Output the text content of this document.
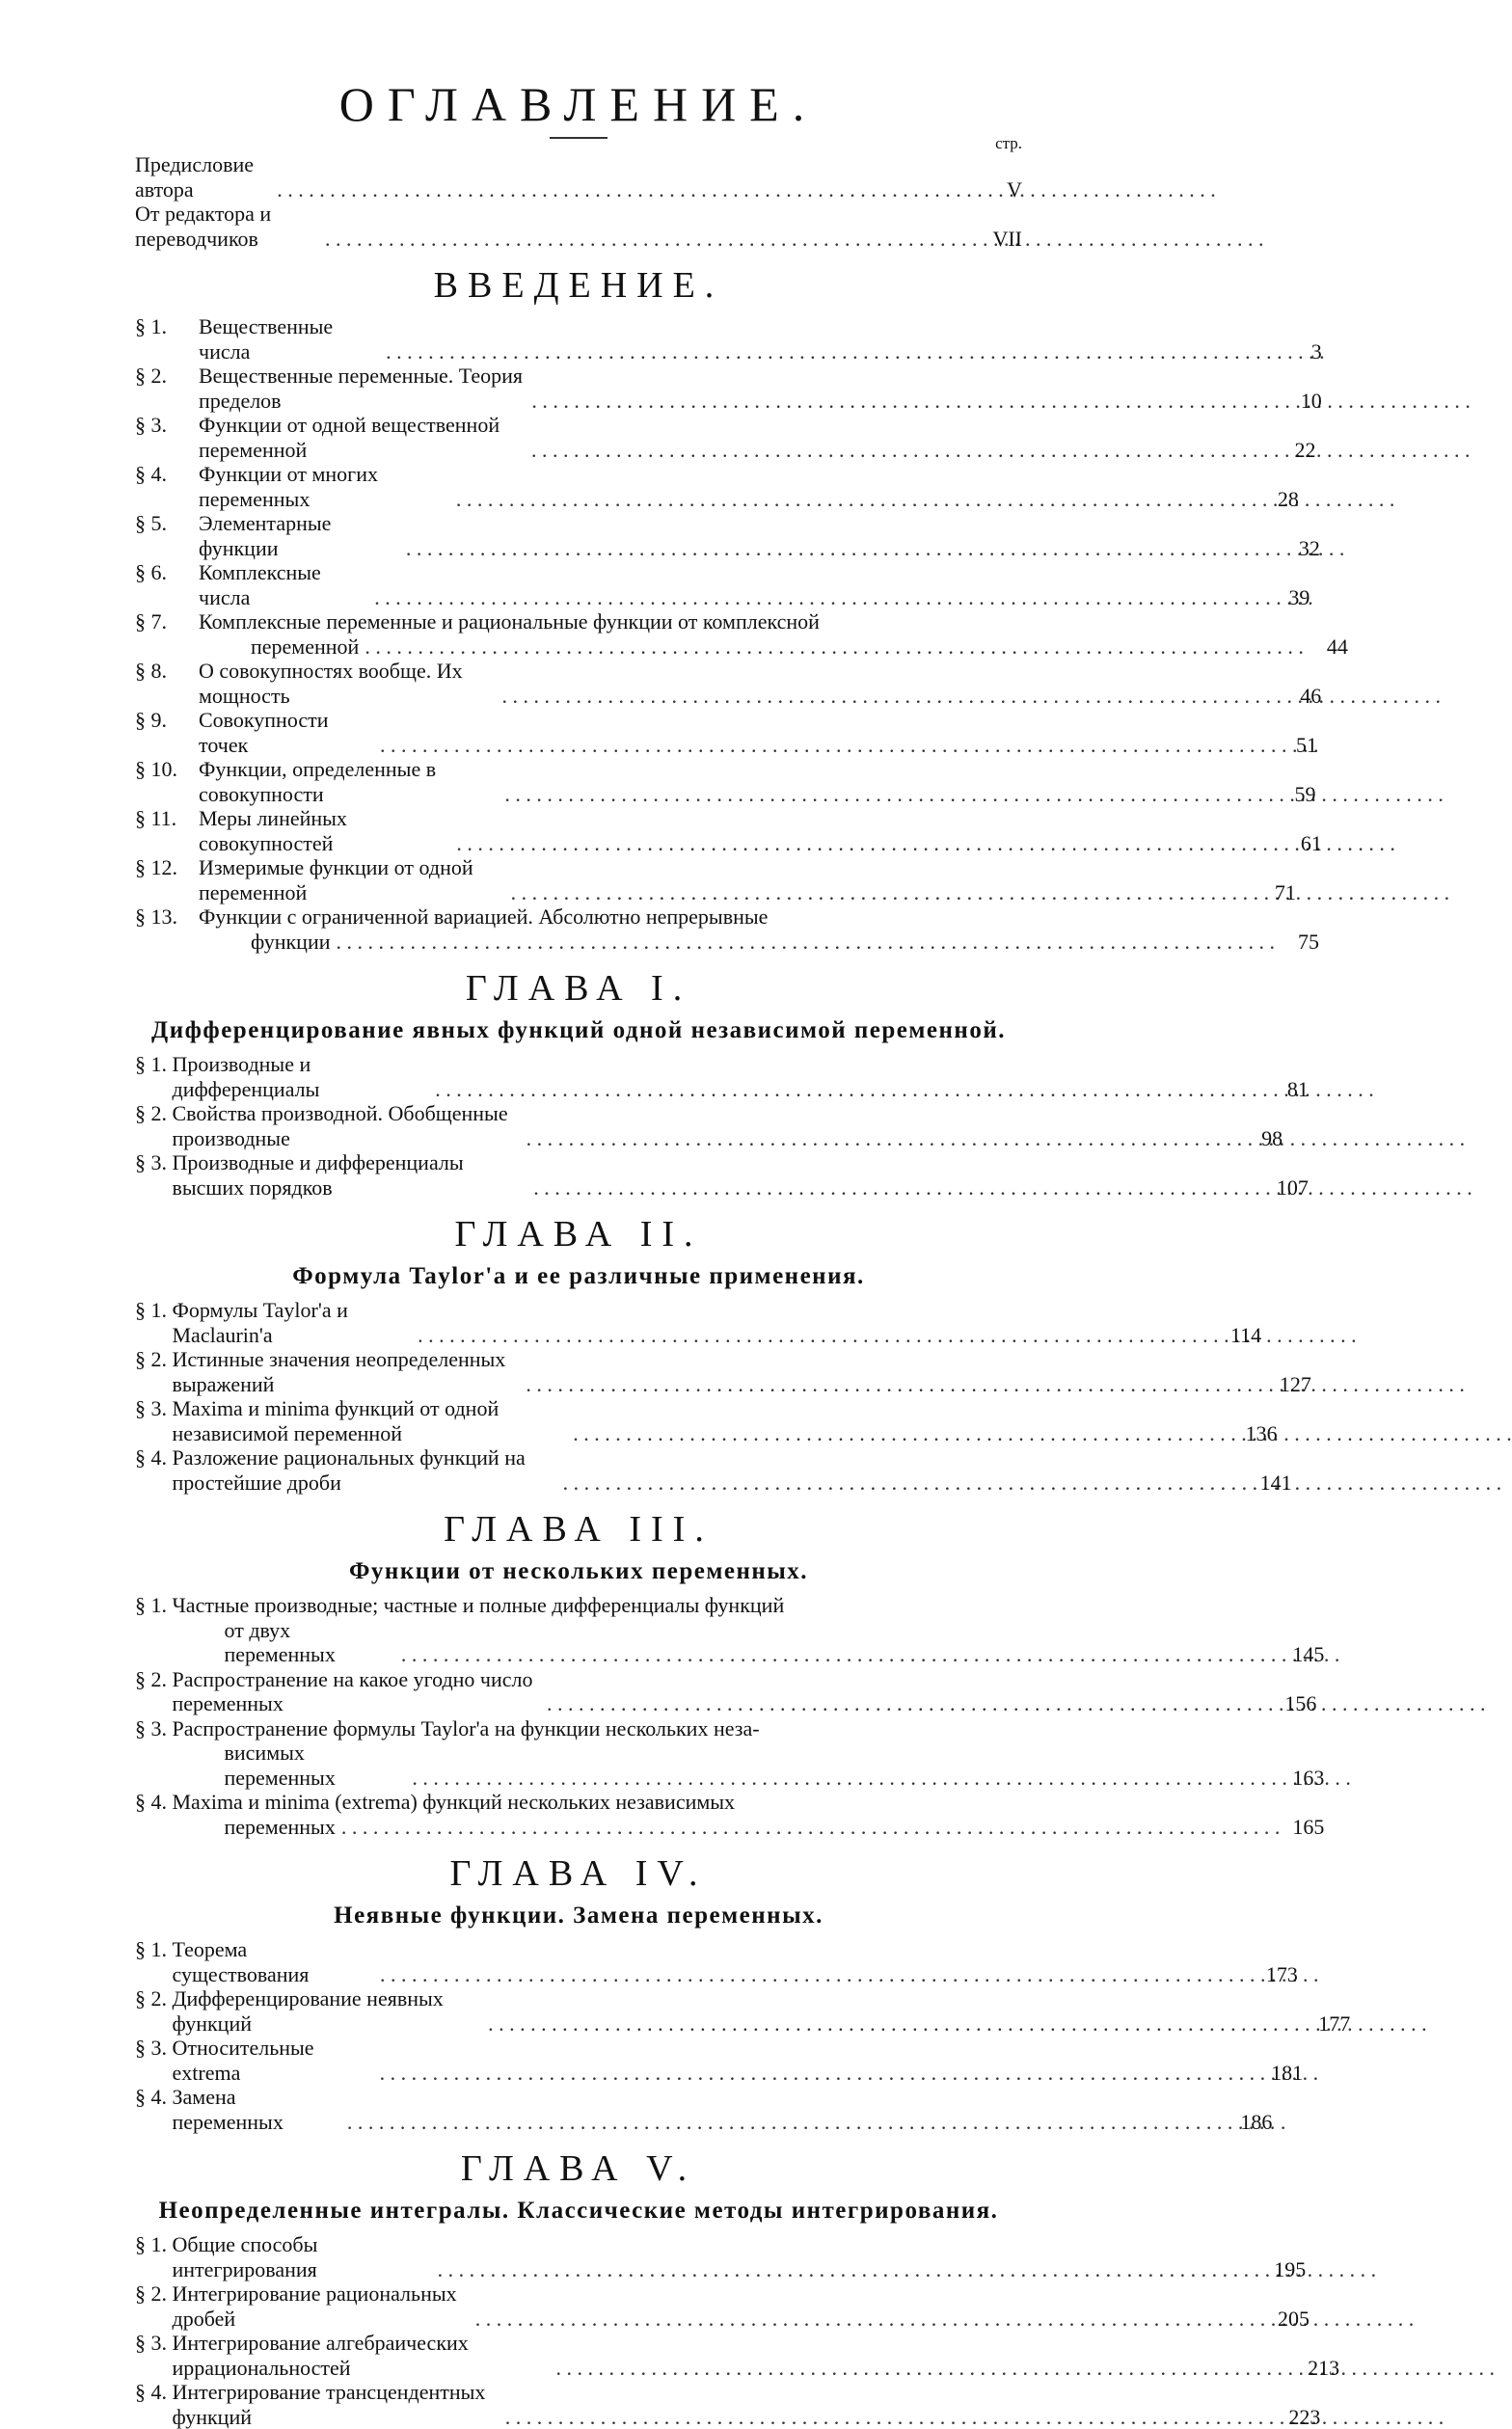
ОГЛАВЛЕНИЕ.
стр.
Предисловие автора . . .	V
От редактора и переводчиков . . .	VII
ВВЕДЕНИЕ.
§ 1.	Вещественные числа . . .	3
§ 2.	Вещественные переменные. Теория пределов . . .	10
§ 3.	Функции от одной вещественной переменной . . .	22
§ 4.	Функции от многих переменных . . .	28
§ 5.	Элементарные функции . . .	32
§ 6.	Комплексные числа . . .	39
§ 7.	Комплексные переменные и рациональные функции от комплексной
переменной . . .	44
§ 8.	О совокупностях вообще. Их мощность . . .	46
§ 9.	Совокупности точек . . .	51
§ 10. Функции, определенные в совокупности . . .	59
§ 11. Меры линейных совокупностей . . .	61
§ 12. Измеримые функции от одной переменной . . .	71
§ 13. Функции с ограниченной вариацией. Абсолютно непрерывные
функции . . .	75
ГЛАВА I.
Дифференцирование явных функций одной независимой переменной.
§ 1. Производные и дифференциалы . . .	81
§ 2. Свойства производной. Обобщенные производные . . .	98
§ 3. Производные и дифференциалы высших порядков . . .	107
ГЛАВА II.
Формула Taylor'а и ее различные применения.
§ 1. Формулы Taylor'а и Maclaurin'а . . .	114
§ 2. Истинные значения неопределенных выражений . . .	127
§ 3. Maxima и minima функций от одной независимой переменной . . .	136
§ 4. Разложение рациональных функций на простейшие дроби . . .	141
ГЛАВА III.
Функции от нескольких переменных.
§ 1. Частные производные; частные и полные дифференциалы функций
от двух переменных . . .	145
§ 2. Распространение на какое угодно число переменных . . .	156
§ 3. Распространение формулы Taylor'а на функции нескольких неза-
висимых переменных . . .	163
§ 4. Maxima и minima (extrema) функций нескольких независимых
переменных . . .	165
ГЛАВА IV.
Неявные функции. Замена переменных.
§ 1. Теорема существования . . .	173
§ 2. Дифференцирование неявных функций . . .	177
§ 3. Относительные extrema . . .	181
§ 4. Замена переменных . . .	186
ГЛАВА V.
Неопределенные интегралы. Классические методы интегрирования.
§ 1. Общие способы интегрирования . . .	195
§ 2. Интегрирование рациональных дробей . . .	205
§ 3. Интегрирование алгебраических иррациональностей . . .	213
§ 4. Интегрирование трансцендентных функций . . .	223
